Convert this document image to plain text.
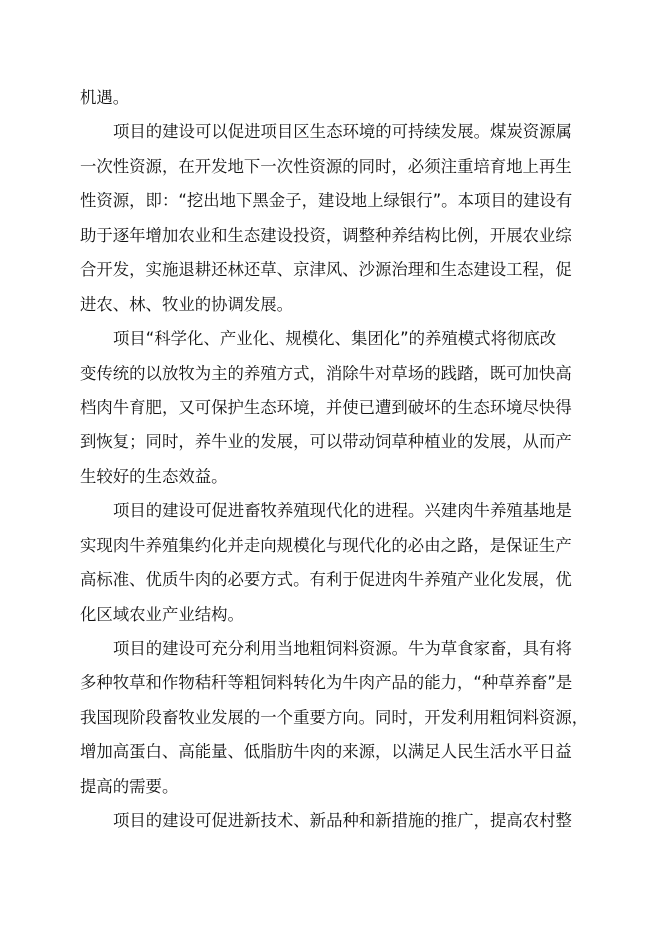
机遇。
项目的建设可以促进项目区生态环境的可持续发展。煤炭资源属
一次性资源，在开发地下一次性资源的同时，必须注重培育地上再生
性资源，即：“挖出地下黑金子，建设地上绿银行”。本项目的建设有
助于逐年增加农业和生态建设投资，调整种养结构比例，开展农业综
合开发，实施退耕还林还草、京津风、沙源治理和生态建设工程，促
进农、林、牧业的协调发展。
项目“科学化、产业化、规模化、集团化”的养殖模式将彻底改
变传统的以放牧为主的养殖方式，消除牛对草场的践踏，既可加快高
档肉牛育肥，又可保护生态环境，并使已遭到破坏的生态环境尽快得
到恢复；同时，养牛业的发展，可以带动饲草种植业的发展，从而产
生较好的生态效益。
项目的建设可促进畜牧养殖现代化的进程。兴建肉牛养殖基地是
实现肉牛养殖集约化并走向规模化与现代化的必由之路，是保证生产
高标准、优质牛肉的必要方式。有利于促进肉牛养殖产业化发展，优
化区域农业产业结构。
项目的建设可充分利用当地粗饲料资源。牛为草食家畜，具有将
多种牧草和作物秸秆等粗饲料转化为牛肉产品的能力，“种草养畜”是
我国现阶段畜牧业发展的一个重要方向。同时，开发利用粗饲料资源，
增加高蛋白、高能量、低脂肪牛肉的来源，以满足人民生活水平日益
提高的需要。
项目的建设可促进新技术、新品种和新措施的推广，提高农村整
